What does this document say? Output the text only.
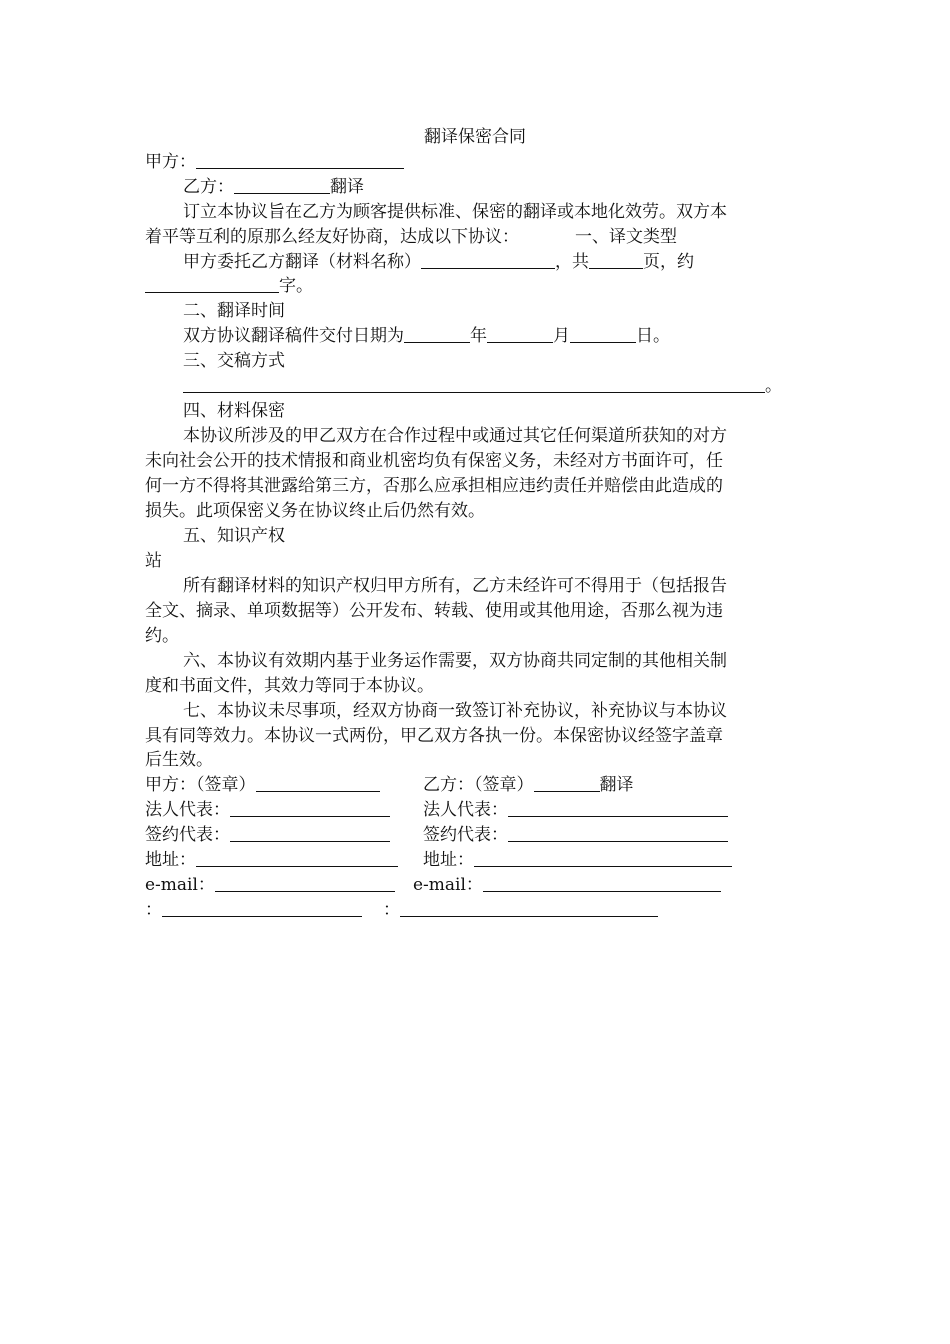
翻译保密合同
甲方：
乙方：	翻译
订立本协议旨在乙方为顾客提供标准、保密的翻译或本地化效劳。双方本
着平等互利的原那么经友好协商，达成以下协议：	一、译文类型
甲方委托乙方翻译（材料名称）	，共	页，约
字。
二、翻译时间
双方协议翻译稿件交付日期为	年	月	日。
三、交稿方式
。
四、材料保密
本协议所涉及的甲乙双方在合作过程中或通过其它任何渠道所获知的对方
未向社会公开的技术情报和商业机密均负有保密义务，未经对方书面许可，任
何一方不得将其泄露给第三方，否那么应承担相应违约责任并赔偿由此造成的
损失。此项保密义务在协议终止后仍然有效。
五、知识产权
站
所有翻译材料的知识产权归甲方所有，乙方未经许可不得用于（包括报告
全文、摘录、单项数据等）公开发布、转载、使用或其他用途，否那么视为违
约。
六、本协议有效期内基于业务运作需要，双方协商共同定制的其他相关制
度和书面文件，其效力等同于本协议。
七、本协议未尽事项，经双方协商一致签订补充协议，补充协议与本协议
具有同等效力。本协议一式两份，甲乙双方各执一份。本保密协议经签字盖章
后生效。
甲方：（签章）	乙方：（签章）	翻译
法人代表：	法人代表：
签约代表：	签约代表：
地址：	地址：
e-mail：	e-mail：
：	：
